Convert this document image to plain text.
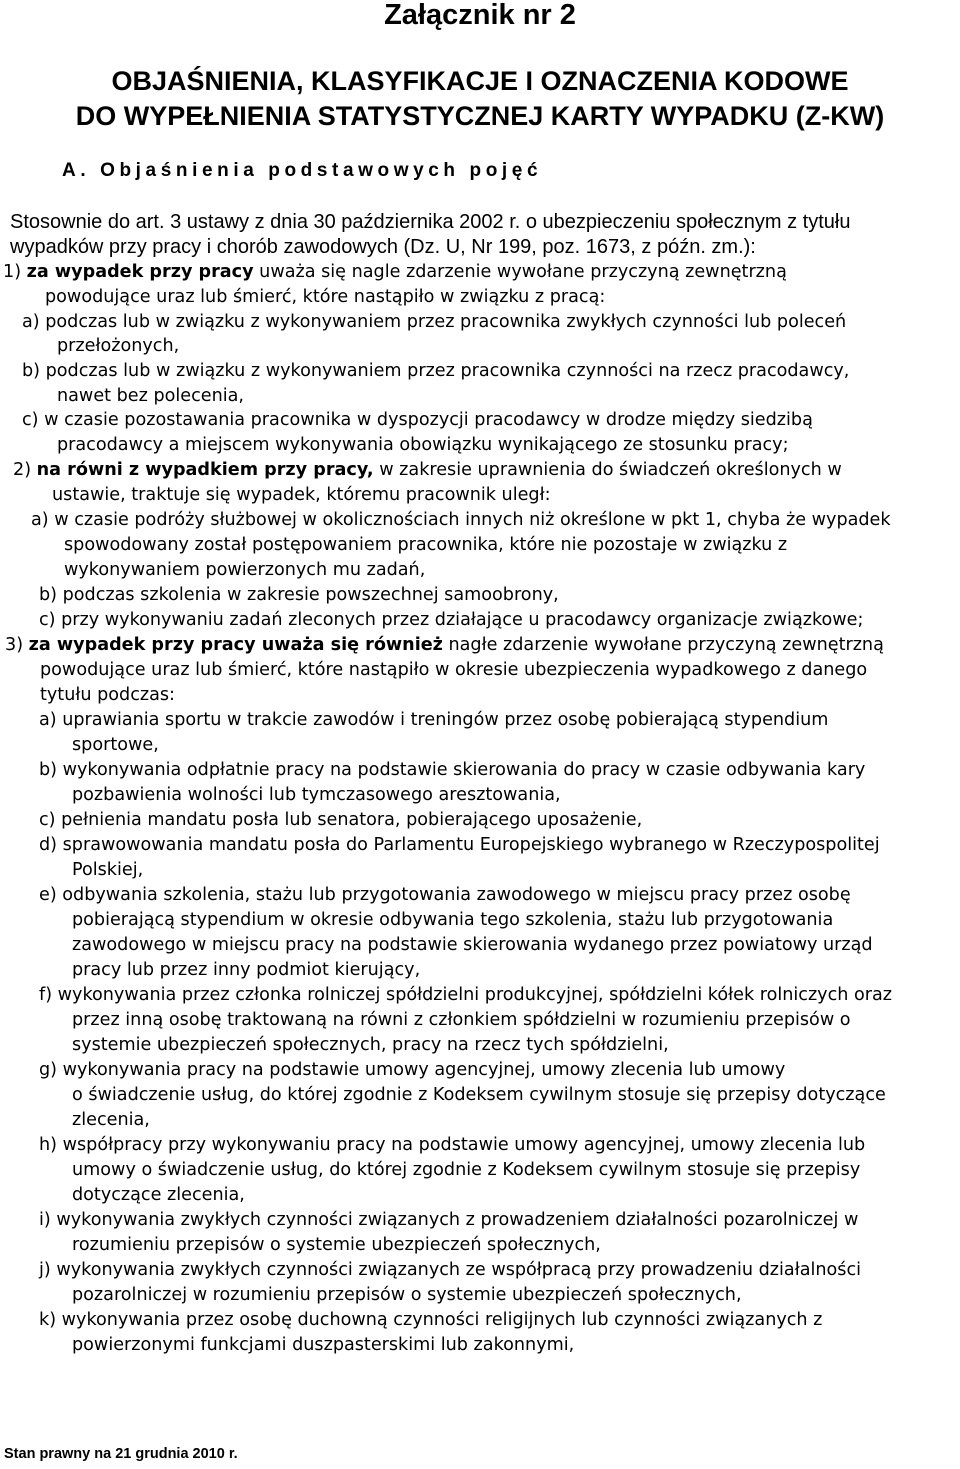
Załącznik nr 2
OBJAŚNIENIA, KLASYFIKACJE I OZNACZENIA KODOWE
DO WYPEŁNIENIA STATYSTYCZNEJ KARTY WYPADKU (Z-KW)
A. Objaśnienia podstawowych pojęć
Stosownie do art. 3 ustawy z dnia 30 października 2002 r. o ubezpieczeniu społecznym z tytułu
wypadków przy pracy i chorób zawodowych (Dz. U, Nr 199, poz. 1673, z późn. zm.):
1) za wypadek przy pracy uważa się nagle zdarzenie wywołane przyczyną zewnętrzną
powodujące uraz lub śmierć, które nastąpiło w związku z pracą:
a) podczas lub w związku z wykonywaniem przez pracownika zwykłych czynności lub poleceń
przełożonych,
b) podczas lub w związku z wykonywaniem przez pracownika czynności na rzecz pracodawcy,
nawet bez polecenia,
c) w czasie pozostawania pracownika w dyspozycji pracodawcy w drodze między siedzibą
pracodawcy a miejscem wykonywania obowiązku wynikającego ze stosunku pracy;
2) na równi z wypadkiem przy pracy, w zakresie uprawnienia do świadczeń określonych w
ustawie, traktuje się wypadek, któremu pracownik uległ:
a) w czasie podróży służbowej w okolicznościach innych niż określone w pkt 1, chyba że wypadek
spowodowany został postępowaniem pracownika, które nie pozostaje w związku z
wykonywaniem powierzonych mu zadań,
b) podczas szkolenia w zakresie powszechnej samoobrony,
c) przy wykonywaniu zadań zleconych przez działające u pracodawcy organizacje związkowe;
3) za wypadek przy pracy uważa się również nagłe zdarzenie wywołane przyczyną zewnętrzną
powodujące uraz lub śmierć, które nastąpiło w okresie ubezpieczenia wypadkowego z danego
tytułu podczas:
a) uprawiania sportu w trakcie zawodów i treningów przez osobę pobierającą stypendium
sportowe,
b) wykonywania odpłatnie pracy na podstawie skierowania do pracy w czasie odbywania kary
pozbawienia wolności lub tymczasowego aresztowania,
c) pełnienia mandatu posła lub senatora, pobierającego uposażenie,
d) sprawowowania mandatu posła do Parlamentu Europejskiego wybranego w Rzeczypospolitej
Polskiej,
e) odbywania szkolenia, stażu lub przygotowania zawodowego w miejscu pracy przez osobę
pobierającą stypendium w okresie odbywania tego szkolenia, stażu lub przygotowania
zawodowego w miejscu pracy na podstawie skierowania wydanego przez powiatowy urząd
pracy lub przez inny podmiot kierujący,
f) wykonywania przez członka rolniczej spółdzielni produkcyjnej, spółdzielni kółek rolniczych oraz
przez inną osobę traktowaną na równi z członkiem spółdzielni w rozumieniu przepisów o
systemie ubezpieczeń społecznych, pracy na rzecz tych spółdzielni,
g) wykonywania pracy na podstawie umowy agencyjnej, umowy zlecenia lub umowy
o świadczenie usług, do której zgodnie z Kodeksem cywilnym stosuje się przepisy dotyczące
zlecenia,
h) współpracy przy wykonywaniu pracy na podstawie umowy agencyjnej, umowy zlecenia lub
umowy o świadczenie usług, do której zgodnie z Kodeksem cywilnym stosuje się przepisy
dotyczące zlecenia,
i) wykonywania zwykłych czynności związanych z prowadzeniem działalności pozarolniczej w
rozumieniu przepisów o systemie ubezpieczeń społecznych,
j) wykonywania zwykłych czynności związanych ze współpracą przy prowadzeniu działalności
pozarolniczej w rozumieniu przepisów o systemie ubezpieczeń społecznych,
k) wykonywania przez osobę duchowną czynności religijnych lub czynności związanych z
powierzonymi funkcjami duszpasterskimi lub zakonnymi,
Stan prawny na 21 grudnia 2010 r.
